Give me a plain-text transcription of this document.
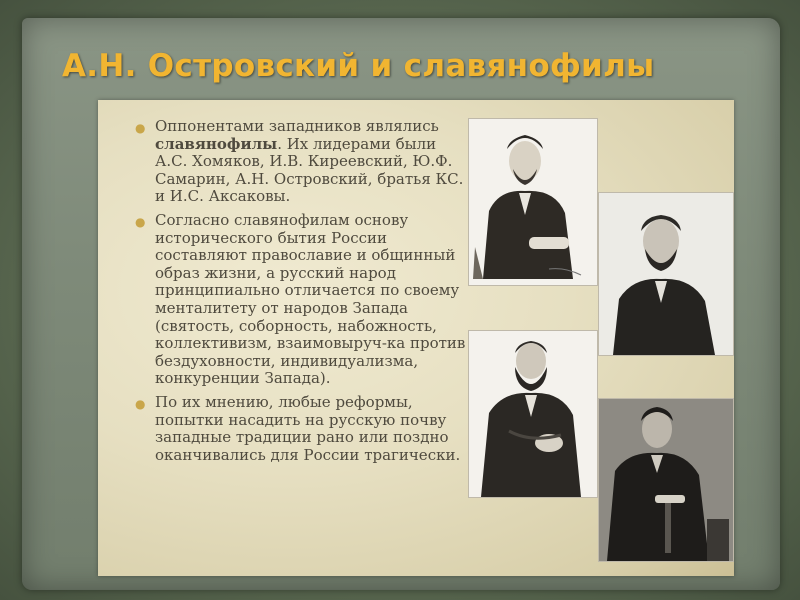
А.Н. Островский и славянофилы
● Оппонентами западников являлись славянофилы. Их лидерами были А.С. Хомяков, И.В. Киреевский, Ю.Ф. Самарин, А.Н. Островский, братья КС. и И.С. Аксаковы.
● Согласно славянофилам основу исторического бытия России составляют православие и общинный образ жизни, а русский народ принципиально отличается по своему менталитету от народов Запада (святость, соборность, набожность, коллективизм, взаимовыруч-ка против бездуховности, индивидуализма, конкуренции Запада).
● По их мнению, любые реформы, попытки насадить на русскую почву западные традиции рано или поздно оканчивались для России трагически.
